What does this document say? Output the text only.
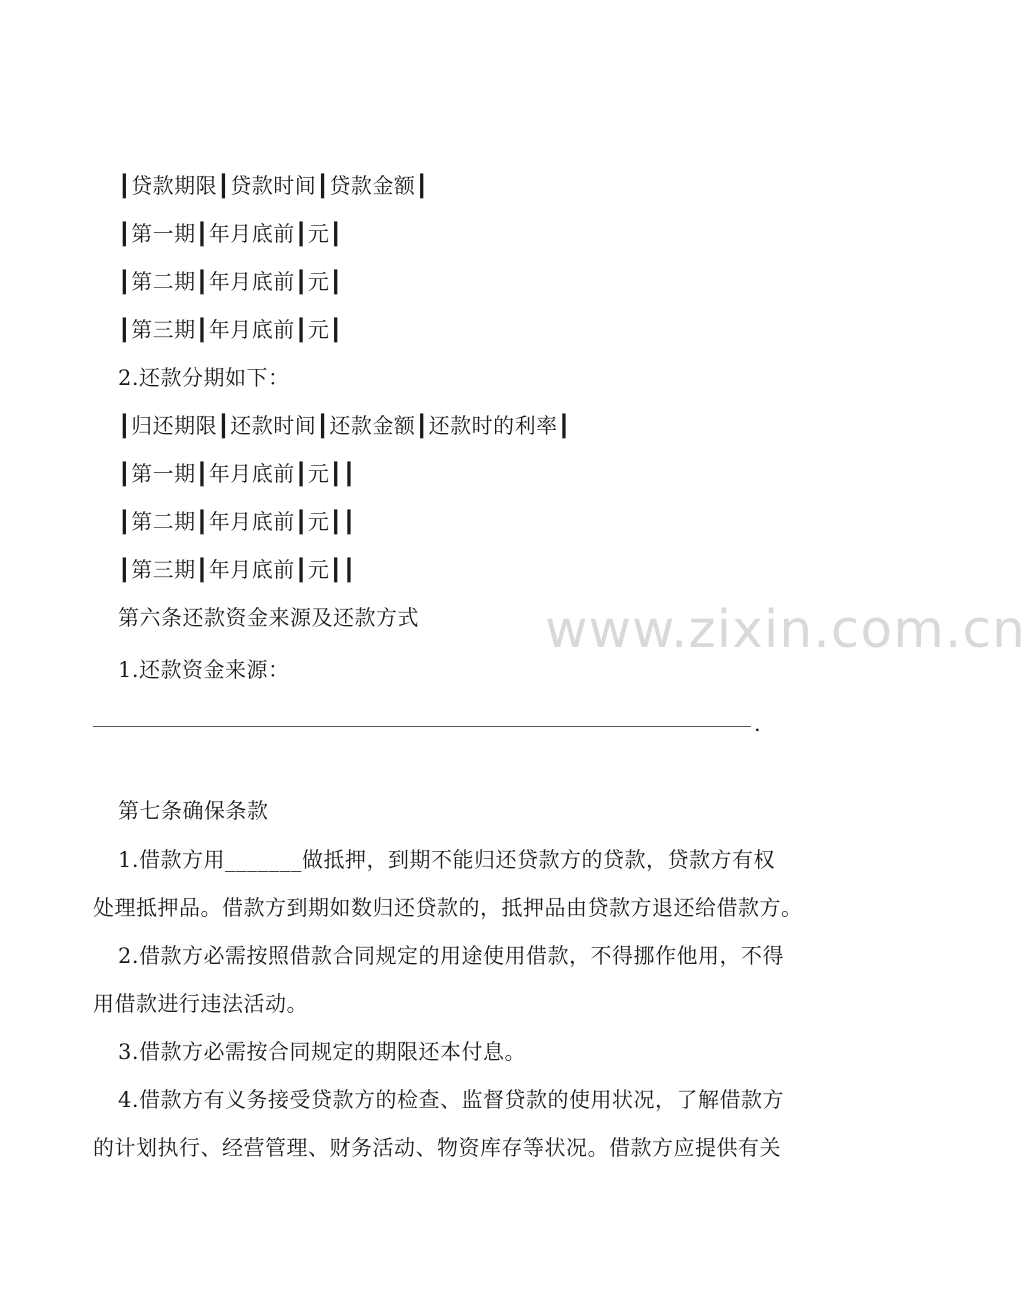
www.zixin.com.cn
┃贷款期限┃贷款时间┃贷款金额┃
┃第一期┃年月底前┃元┃
┃第二期┃年月底前┃元┃
┃第三期┃年月底前┃元┃
2.还款分期如下：
┃归还期限┃还款时间┃还款金额┃还款时的利率┃
┃第一期┃年月底前┃元┃┃
┃第二期┃年月底前┃元┃┃
┃第三期┃年月底前┃元┃┃
第六条还款资金来源及还款方式
1.还款资金来源：
.
第七条确保条款
1.借款方用_______做抵押，到期不能归还贷款方的贷款，贷款方有权
处理抵押品。借款方到期如数归还贷款的，抵押品由贷款方退还给借款方。
2.借款方必需按照借款合同规定的用途使用借款，不得挪作他用，不得
用借款进行违法活动。
3.借款方必需按合同规定的期限还本付息。
4.借款方有义务接受贷款方的检查、监督贷款的使用状况，了解借款方
的计划执行、经营管理、财务活动、物资库存等状况。借款方应提供有关
